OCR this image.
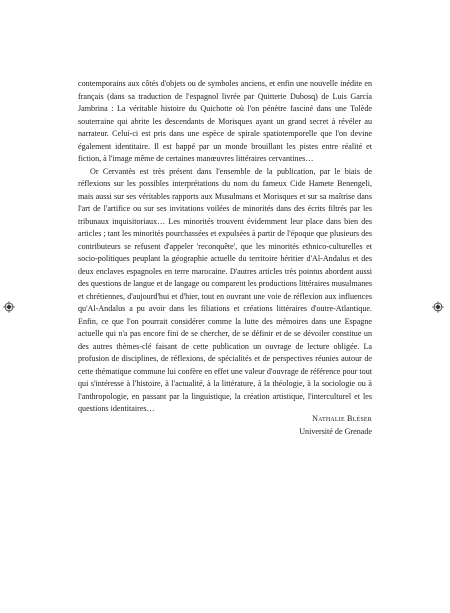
contemporains aux côtés d'objets ou de symboles anciens, et enfin une nouvelle inédite en français (dans sa traduction de l'espagnol livrée par Quitterie Dubosq) de Luis García Jambrina : La véritable histoire du Quichotte où l'on pénètre fasciné dans une Tolède souterraine qui abrite les descendants de Morisques ayant un grand secret à révéler au narrateur. Celui-ci est pris dans une espèce de spirale spatiotemporelle que l'on devine également identitaire. Il est happé par un monde brouillant les pistes entre réalité et fiction, à l'image même de certaines manœuvres littéraires cervantines…

Or Cervantès est très présent dans l'ensemble de la publication, par le biais de réflexions sur les possibles interprétations du nom du fameux Cide Hamete Benengeli, mais aussi sur ses véritables rapports aux Musulmans et Morisques et sur sa maîtrise dans l'art de l'artifice ou sur ses invitations voilées de minorités dans des écrits filtrés par les tribunaux inquisitoriaux… Les minorités trouvent évidemment leur place dans bien des articles ; tant les minorités pourchassées et expulsées à partir de l'époque que plusieurs des contributeurs se refusent d'appeler 'reconquête', que les minorités ethnico-culturelles et socio-politiques peuplant la géographie actuelle du territoire héritier d'Al-Andalus et des deux enclaves espagnoles en terre marocaine. D'autres articles très pointus abordent aussi des questions de langue et de langage ou comparent les productions littéraires musulmanes et chrétiennes, d'aujourd'hui et d'hier, tout en ouvrant une voie de réflexion aux influences qu'Al-Andalus a pu avoir dans les filiations et créations littéraires d'outre-Atlantique. Enfin, ce que l'on pourrait considérer comme la lutte des mémoires dans une Espagne actuelle qui n'a pas encore fini de se chercher, de se définir et de se dévoiler constitue un des autres thèmes-clé faisant de cette publication un ouvrage de lecture obligée. La profusion de disciplines, de réflexions, de spécialités et de perspectives réunies autour de cette thématique commune lui confère en effet une valeur d'ouvrage de référence pour tout qui s'intéresse à l'histoire, à l'actualité, à la littérature, à la théologie, à la sociologie ou à l'anthropologie, en passant par la linguistique, la création artistique, l'interculturel et les questions identitaires…

Nathalie Bléser
Université de Grenade
